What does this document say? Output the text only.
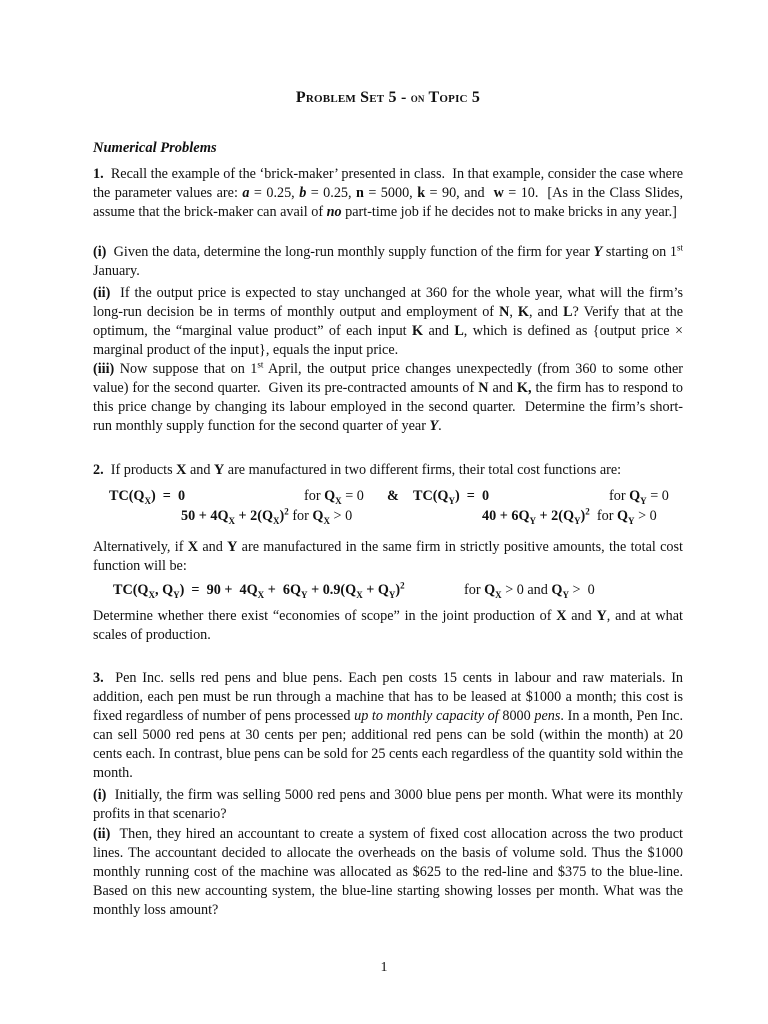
Problem Set 5 - on Topic 5
Numerical Problems

1.  Recall the example of the ‘brick-maker’ presented in class.  In that example, consider the case where the parameter values are: a = 0.25, b = 0.25, n = 5000, k = 90, and  w = 10.  [As in the Class Slides, assume that the brick-maker can avail of no part-time job if he decides not to make bricks in any year.]

(i) Given the data, determine the long-run monthly supply function of the firm for year Y starting on 1st January.

(ii)  If the output price is expected to stay unchanged at 360 for the whole year, what will the firm’s long-run decision be in terms of monthly output and employment of N, K, and L? Verify that at the optimum, the “marginal value product” of each input K and L, which is defined as {output price × marginal product of the input}, equals the input price.

(iii) Now suppose that on 1st April, the output price changes unexpectedly (from 360 to some other value) for the second quarter.  Given its pre-contracted amounts of N and K, the firm has to respond to this price change by changing its labour employed in the second quarter.  Determine the firm’s short-run monthly supply function for the second quarter of year Y.

2.  If products X and Y are manufactured in two different firms, their total cost functions are:

$TC(Q_X) = 0$	for $Q_X = 0$ & $TC(Q_Y) = 0$	for $Q_Y = 0$
$50 + 4Q_X + 2(Q_X)^2$ for $Q_X > 0$	$40 + 6Q_Y + 2(Q_Y)^2$ for $Q_Y > 0$

Alternatively, if X and Y are manufactured in the same firm in strictly positive amounts, the total cost function will be:

$TC(Q_X$, $Q_Y) = 90 + 4Q_X + 6Q_Y + 0.9(Q_X + Q_Y)^2$	for $Q_X > 0$ and $Q_Y > 0$

Determine whether there exist “economies of scope” in the joint production of X and Y, and at what scales of production.

3. Pen Inc. sells red pens and blue pens. Each pen costs 15 cents in labour and raw materials. In addition, each pen must be run through a machine that has to be leased at $1000 a month; this cost is fixed regardless of number of pens processed up to monthly capacity of 8000 pens. In a month, Pen Inc. can sell 5000 red pens at 30 cents per pen; additional red pens can be sold (within the month) at 20 cents each. In contrast, blue pens can be sold for 25 cents each regardless of the quantity sold within the month.

(i) Initially, the firm was selling 5000 red pens and 3000 blue pens per month. What were its monthly profits in that scenario?

(ii) Then, they hired an accountant to create a system of fixed cost allocation across the two product lines. The accountant decided to allocate the overheads on the basis of volume sold. Thus the $1000 monthly running cost of the machine was allocated as $625 to the red-line and $375 to the blue-line. Based on this new accounting system, the blue-line starting showing losses per month. What was the monthly loss amount?

1
